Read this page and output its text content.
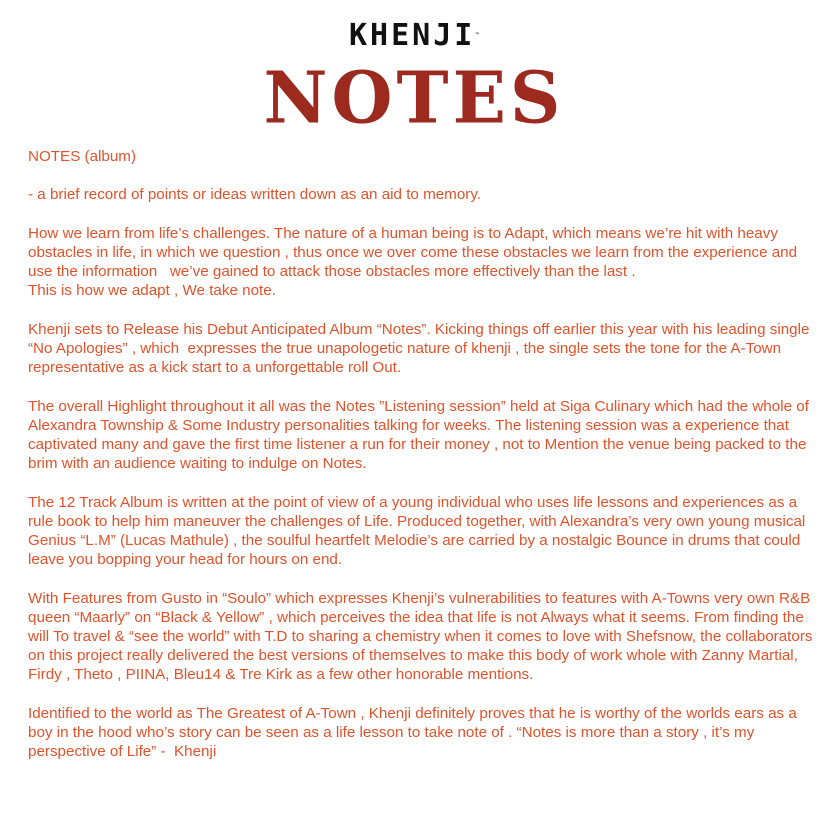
KHENJI™
NOTES

NOTES (album)

- a brief record of points or ideas written down as an aid to memory.

How we learn from life’s challenges. The nature of a human being is to Adapt, which means we’re hit with heavy obstacles in life, in which we question , thus once we over come these obstacles we learn from the experience and use the information   we’ve gained to attack those obstacles more effectively than the last .
This is how we adapt , We take note.

Khenji sets to Release his Debut Anticipated Album “Notes”. Kicking things off earlier this year with his leading single “No Apologies” , which  expresses the true unapologetic nature of khenji , the single sets the tone for the A-Town representative as a kick start to a unforgettable roll Out.

The overall Highlight throughout it all was the Notes ”Listening session” held at Siga Culinary which had the whole of Alexandra Township & Some Industry personalities talking for weeks. The listening session was a experience that captivated many and gave the first time listener a run for their money , not to Mention the venue being packed to the brim with an audience waiting to indulge on Notes.

The 12 Track Album is written at the point of view of a young individual who uses life lessons and experiences as a rule book to help him maneuver the challenges of Life. Produced together, with Alexandra’s very own young musical Genius “L.M” (Lucas Mathule) , the soulful heartfelt Melodie’s are carried by a nostalgic Bounce in drums that could leave you bopping your head for hours on end.

With Features from Gusto in “Soulo” which expresses Khenji’s vulnerabilities to features with A-Towns very own R&B queen “Maarly” on “Black & Yellow” , which perceives the idea that life is not Always what it seems. From finding the will To travel & “see the world” with T.D to sharing a chemistry when it comes to love with Shefsnow, the collaborators on this project really delivered the best versions of themselves to make this body of work whole with Zanny Martial, Firdy , Theto , PIINA, Bleu14 & Tre Kirk as a few other honorable mentions.

Identified to the world as The Greatest of A-Town , Khenji definitely proves that he is worthy of the worlds ears as a boy in the hood who’s story can be seen as a life lesson to take note of . “Notes is more than a story , it’s my perspective of Life” -  Khenji
